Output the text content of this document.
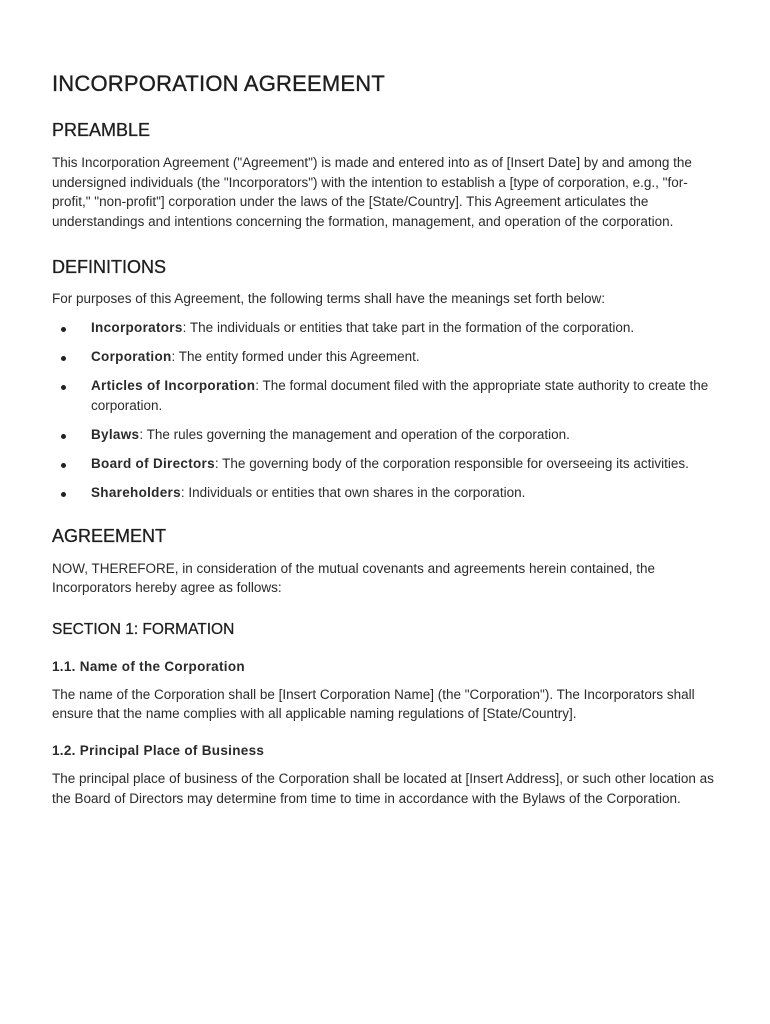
INCORPORATION AGREEMENT
PREAMBLE

This Incorporation Agreement ("Agreement") is made and entered into as of [Insert Date] by and among the undersigned individuals (the "Incorporators") with the intention to establish a [type of corporation, e.g., "for-profit," "non-profit"] corporation under the laws of the [State/Country]. This Agreement articulates the understandings and intentions concerning the formation, management, and operation of the corporation.

DEFINITIONS

For purposes of this Agreement, the following terms shall have the meanings set forth below:

Incorporators: The individuals or entities that take part in the formation of the corporation.
Corporation: The entity formed under this Agreement.
Articles of Incorporation: The formal document filed with the appropriate state authority to create the corporation.
Bylaws: The rules governing the management and operation of the corporation.
Board of Directors: The governing body of the corporation responsible for overseeing its activities.
Shareholders: Individuals or entities that own shares in the corporation.
AGREEMENT

NOW, THEREFORE, in consideration of the mutual covenants and agreements herein contained, the Incorporators hereby agree as follows:

SECTION 1: FORMATION
1.1. Name of the Corporation

The name of the Corporation shall be [Insert Corporation Name] (the "Corporation"). The Incorporators shall ensure that the name complies with all applicable naming regulations of [State/Country].

1.2. Principal Place of Business

The principal place of business of the Corporation shall be located at [Insert Address], or such other location as the Board of Directors may determine from time to time in accordance with the Bylaws of the Corporation.
